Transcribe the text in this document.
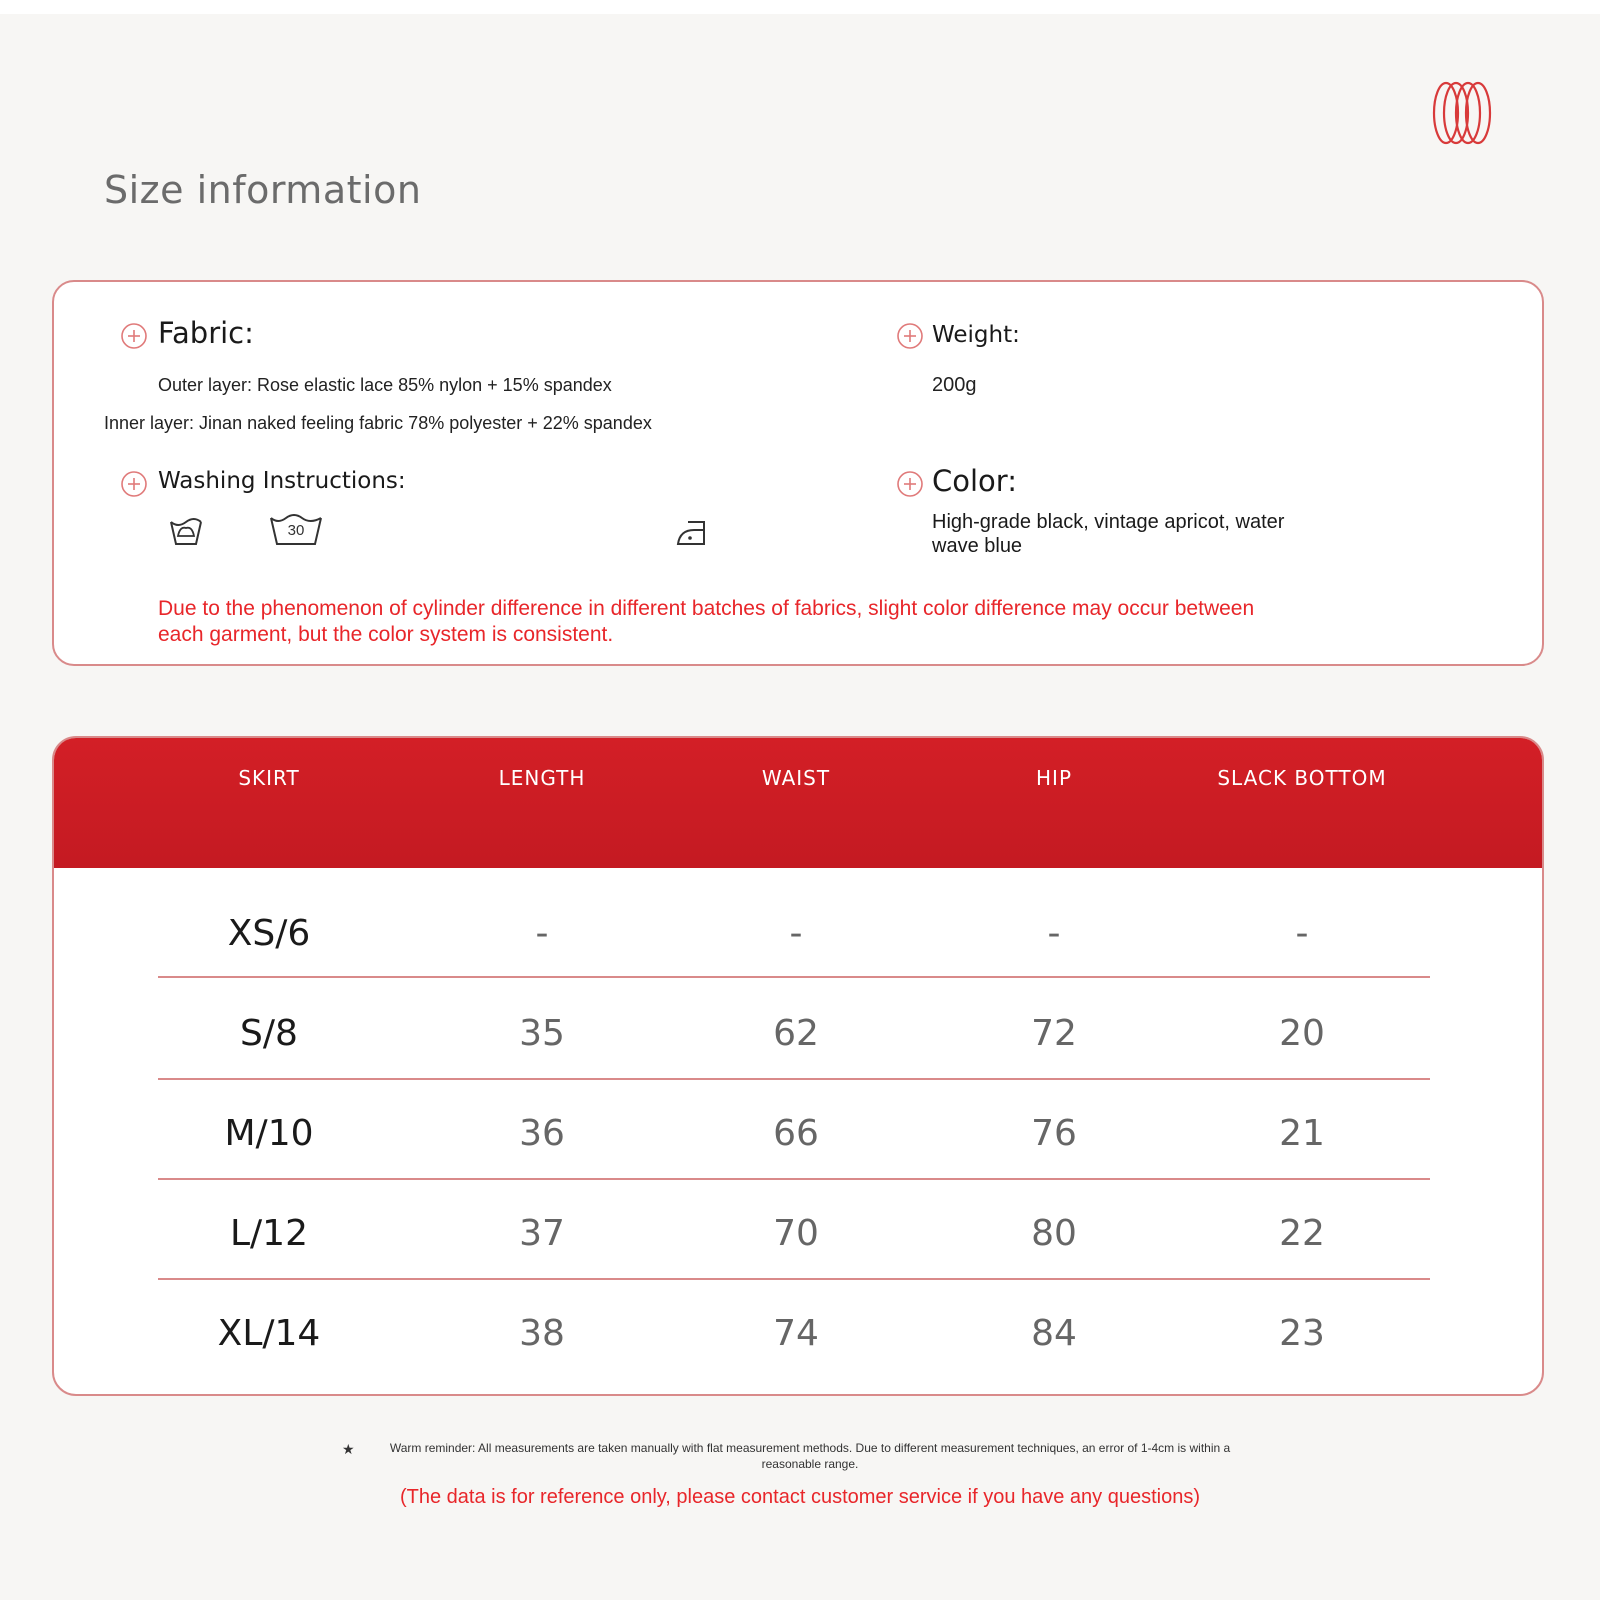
Size information
Fabric:
Outer layer: Rose elastic lace 85% nylon + 15% spandex
Inner layer: Jinan naked feeling fabric 78% polyester + 22% spandex
Weight:
200g
Washing Instructions:
30
Color:
High-grade black, vintage apricot, water wave blue
Due to the phenomenon of cylinder difference in different batches of fabrics, slight color difference may occur between each garment, but the color system is consistent.
SKIRT	LENGTH	WAIST	HIP	SLACK BOTTOM
XS/6	-	-	-	-
S/8	35	62	72	20
M/10	36	66	76	21
L/12	37	70	80	22
XL/14	38	74	84	23
★	Warm reminder: All measurements are taken manually with flat measurement methods. Due to different measurement techniques, an error of 1-4cm is within a reasonable range.
(The data is for reference only, please contact customer service if you have any questions)
